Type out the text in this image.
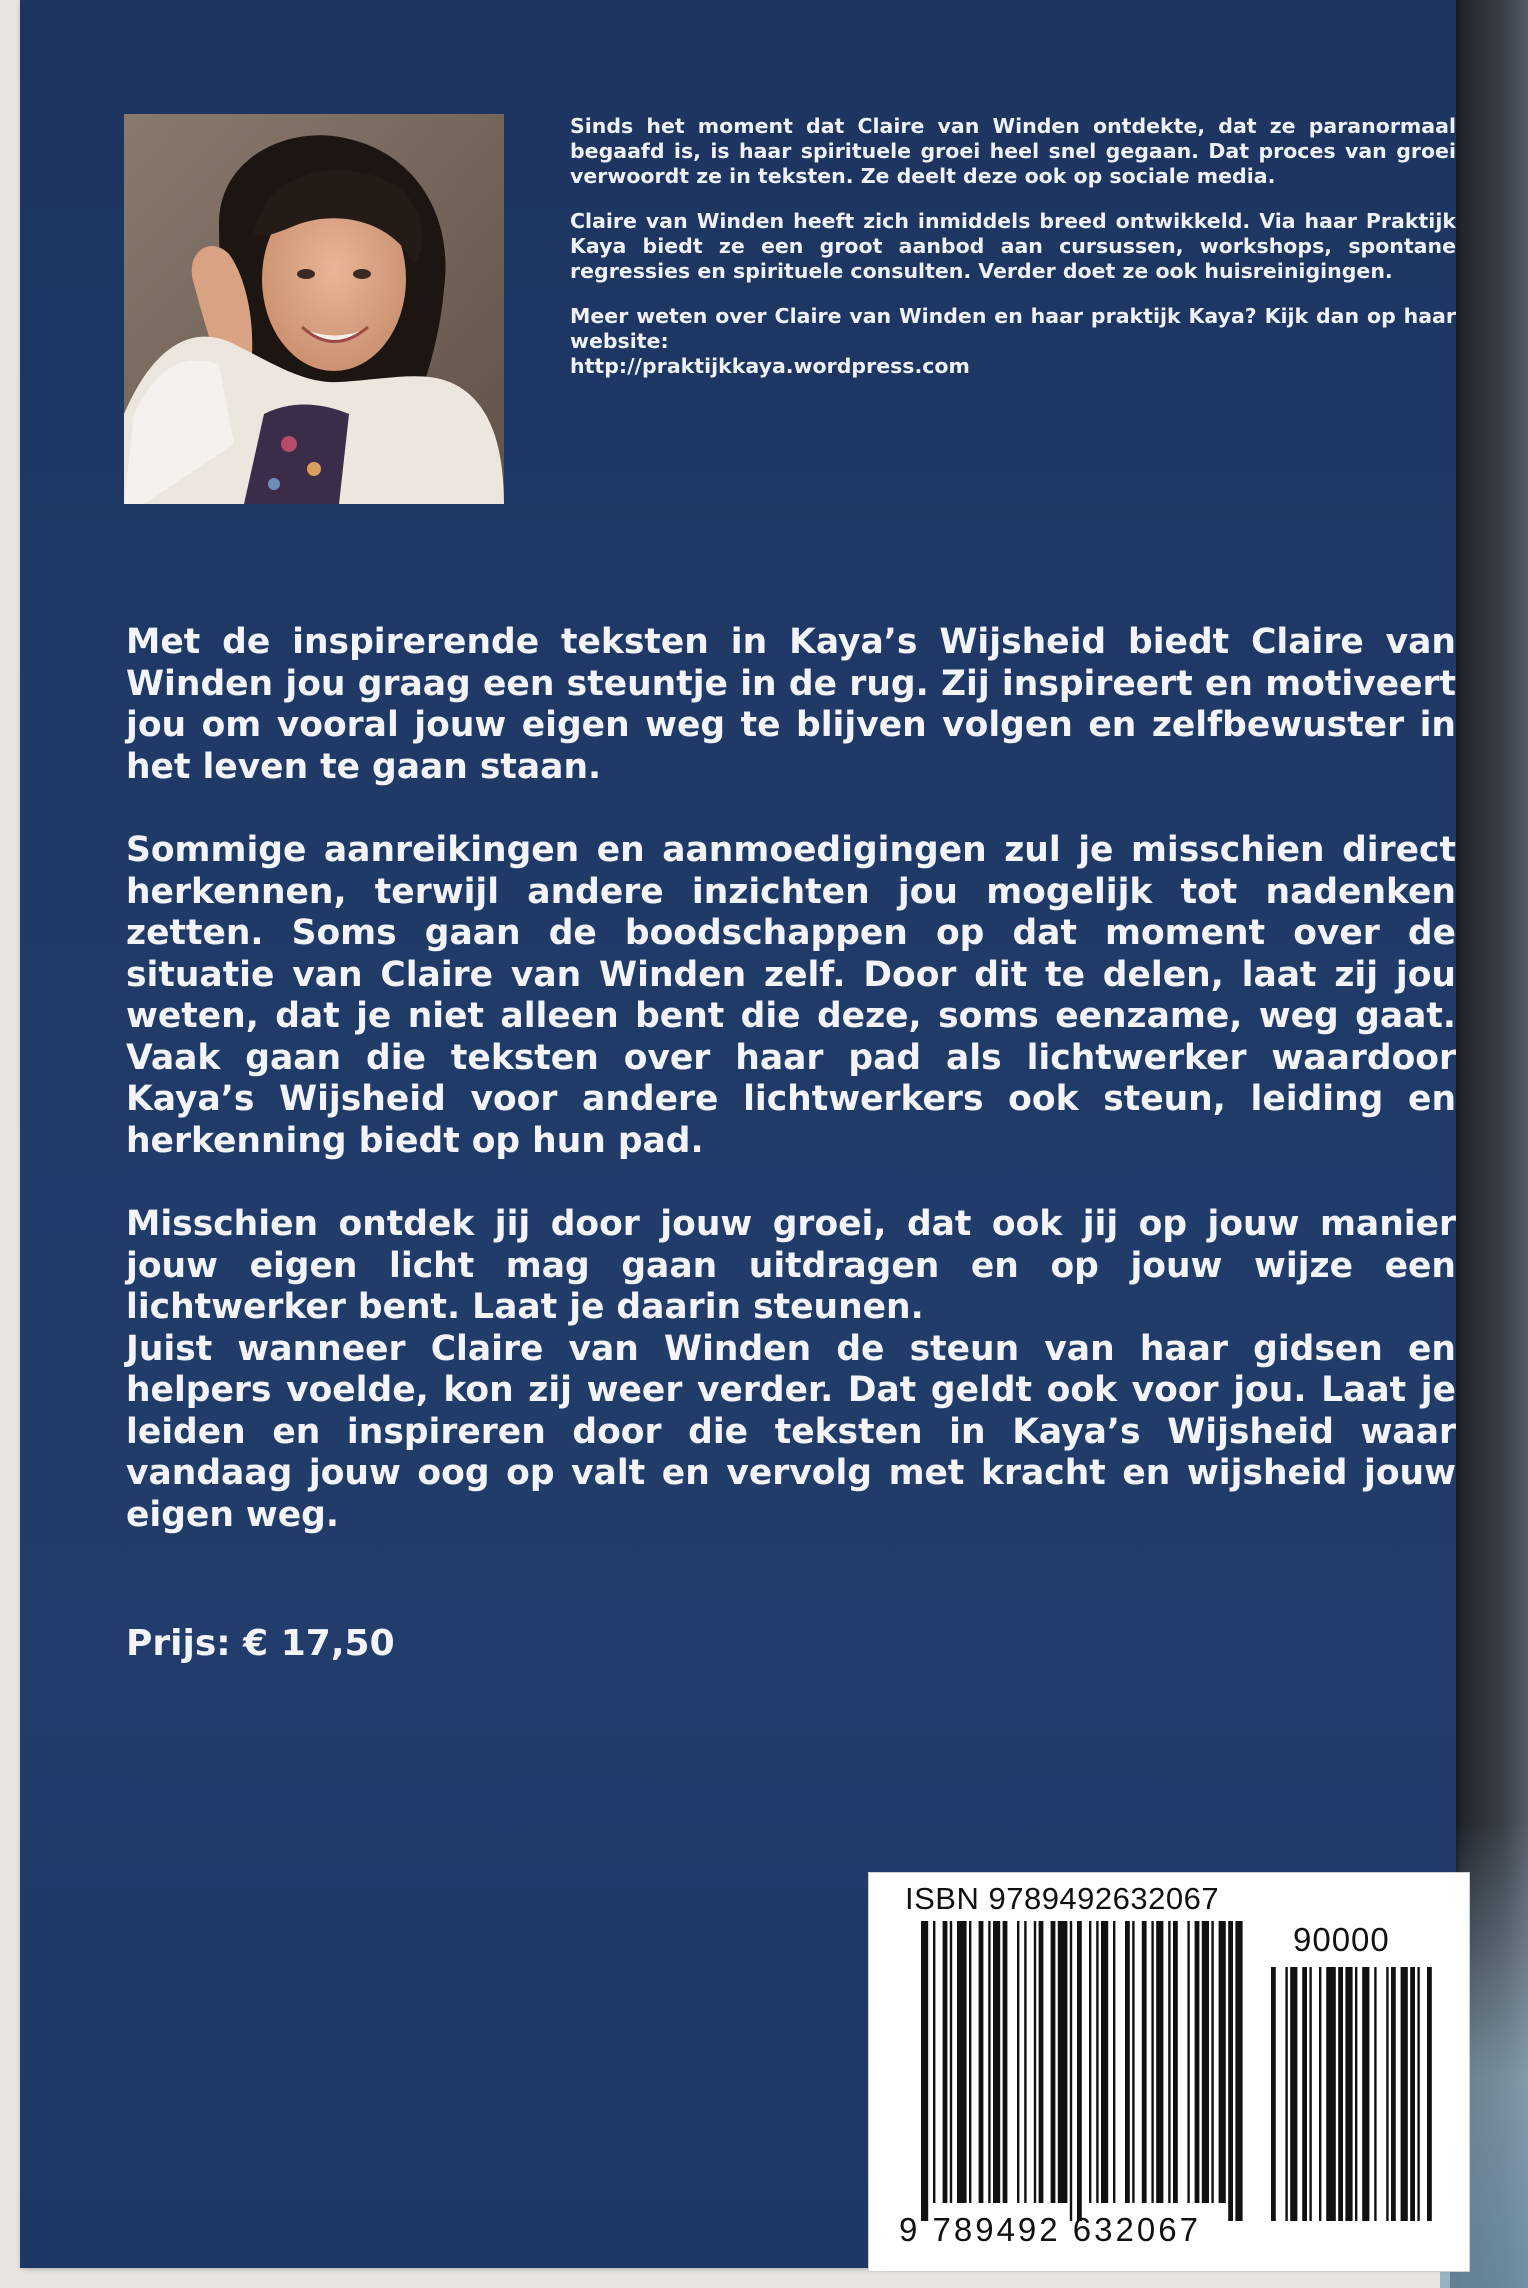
Sinds het moment dat Claire van Winden ontdekte, dat ze paranormaal begaafd is, is haar spirituele groei heel snel gegaan. Dat proces van groei verwoordt ze in teksten. Ze deelt deze ook op sociale media.

Claire van Winden heeft zich inmiddels breed ontwikkeld. Via haar Praktijk Kaya biedt ze een groot aanbod aan cursussen, workshops, spontane regressies en spirituele consulten. Verder doet ze ook huisreinigingen.

Meer weten over Claire van Winden en haar praktijk Kaya? Kijk dan op haar website:
http://praktijkkaya.wordpress.com

Met de inspirerende teksten in Kaya’s Wijsheid biedt Claire van Winden jou graag een steuntje in de rug. Zij inspireert en motiveert jou om vooral jouw eigen weg te blijven volgen en zelfbewuster in het leven te gaan staan.

Sommige aanreikingen en aanmoedigingen zul je misschien direct herkennen, terwijl andere inzichten jou mogelijk tot nadenken zetten. Soms gaan de boodschappen op dat moment over de situatie van Claire van Winden zelf. Door dit te delen, laat zij jou weten, dat je niet alleen bent die deze, soms eenzame, weg gaat. Vaak gaan die teksten over haar pad als lichtwerker waardoor Kaya’s Wijsheid voor andere lichtwerkers ook steun, leiding en herkenning biedt op hun pad.

Misschien ontdek jij door jouw groei, dat ook jij op jouw manier jouw eigen licht mag gaan uitdragen en op jouw wijze een lichtwerker bent. Laat je daarin steunen.

Juist wanneer Claire van Winden de steun van haar gidsen en helpers voelde, kon zij weer verder. Dat geldt ook voor jou. Laat je leiden en inspireren door die teksten in Kaya’s Wijsheid waar vandaag jouw oog op valt en vervolg met kracht en wijsheid jouw eigen weg.

Prijs: € 17,50
ISBN 9789492632067
90000
9 789492 632067
